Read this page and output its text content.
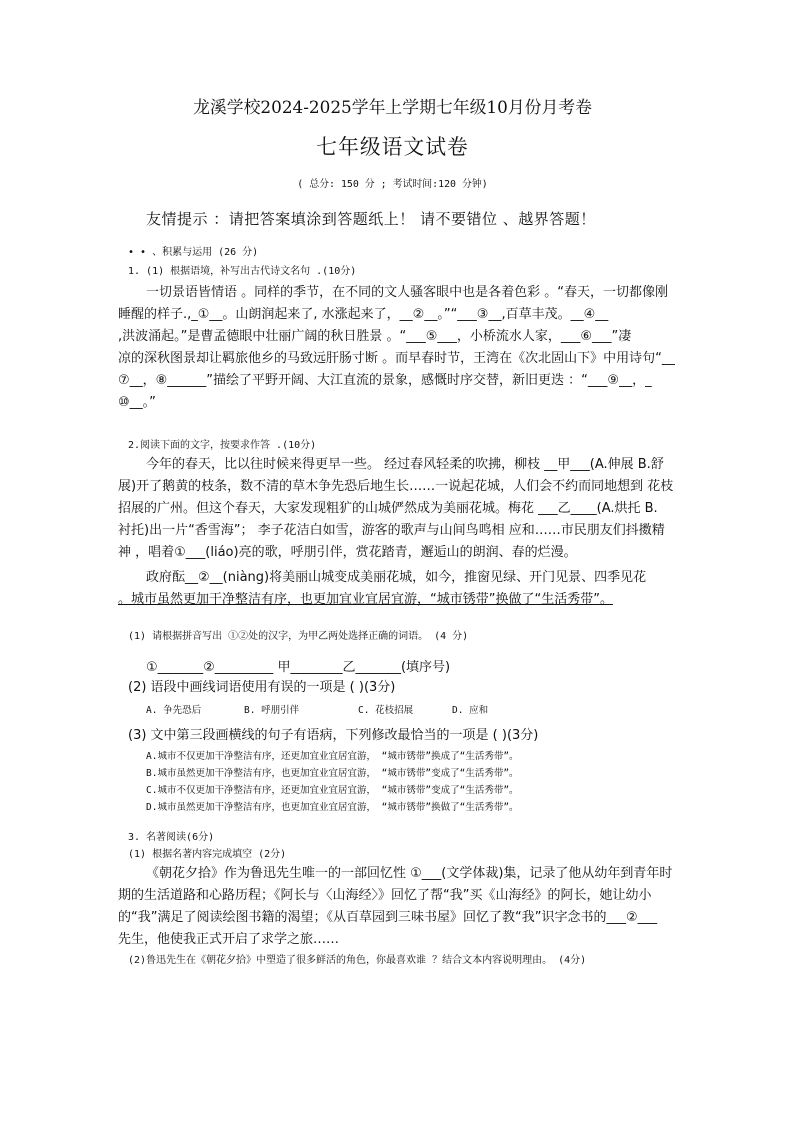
龙溪学校2024-2025学年上学期七年级10月份月考卷
七年级语文试卷
( 总分: 150 分 ; 考试时间:120 分钟)
友情提示 ：请把答案填涂到答题纸上！ 请不要错位 、越界答题！
• • 、积累与运用 (26 分)
1. (1) 根据语境，补写出古代诗文名句 .(10分)
一切景语皆情语 。同样的季节，在不同的文人骚客眼中也是各着色彩 。“春天，一切都像刚
睡醒的样子.,_①__。山朗润起来了, 水涨起来了，__②__。”“___③__,百草丰茂。__④__
,洪波涌起。”是曹孟德眼中壮丽广阔的秋日胜景 。“___⑤___，小桥流水人家，___⑥___”凄
凉的深秋图景却让羁旅他乡的马致远肝肠寸断 。而早春时节，王湾在《次北固山下》中用诗句“__
⑦__，⑧______”描绘了平野开阔、大江直流的景象，感慨时序交替，新旧更迭 ：“___⑨__，_
⑩__。”
2.阅读下面的文字，按要求作答 .(10分)
今年的春天，比以往时候来得更早一些。 经过春风轻柔的吹拂，柳枝 __甲___(A.伸展 B.舒
展)开了鹅黄的枝条，数不清的草木争先恐后地生长……一说起花城，人们会不约而同地想到 花枝
招展的广州。但这个春天，大家发现粗犷的山城俨然成为美丽花城。梅花 ___乙____(A.烘托 B.
衬托)出一片“香雪海”； 李子花洁白如雪，游客的歌声与山间鸟鸣相 应和……市民朋友们抖擞精
神 ，唱着①___(liáo)亮的歌，呼朋引伴，赏花踏青，邂逅山的朗润、春的烂漫。
政府酝__②__(niàng)将美丽山城变成美丽花城，如今，推窗见绿、开门见景、四季见花
。城市虽然更加干净整洁有序，也更加宜业宜居宜游，“城市锈带”换做了“生活秀带”。
(1) 请根据拼音写出 ①②处的汉字，为甲乙两处选择正确的词语。 (4 分)
①_______②_________ 甲________乙_______(填序号)
(2) 语段中画线词语使用有误的一项是 ( )(3分)
A. 争先恐后	B. 呼朋引伴	C. 花枝招展	D. 应和
(3) 文中第三段画横线的句子有语病，下列修改最恰当的一项是 ( )(3分)
A.城市不仅更加干净整洁有序，还更加宜业宜居宜游， “城市锈带”换成了“生活秀带”。
B.城市虽然更加干净整洁有序，也更加宜业宜居宜游， “城市锈带”变成了“生活秀带”。
C.城市不仅更加干净整洁有序，还更加宜业宜居宜游， “城市锈带”变成了“生活秀带”。
D.城市虽然更加干净整洁有序，也更加宜业宜居宜游， “城市锈带”换做了“生活秀带”。
3. 名著阅读(6分)
(1) 根据名著内容完成填空 (2分)
《朝花夕拾》作为鲁迅先生唯一的一部回忆性 ①___(文学体裁)集，记录了他从幼年到青年时
期的生活道路和心路历程；《阿长与〈山海经〉》回忆了帮“我”买《山海经》的阿长，她让幼小
的“我”满足了阅读绘图书籍的渴望；《从百草园到三味书屋》回忆了教“我”识字念书的___②___
先生，他使我正式开启了求学之旅……
(2)鲁迅先生在《朝花夕拾》中塑造了很多鲜活的角色，你最喜欢谁 ？结合文本内容说明理由。 (4分)
